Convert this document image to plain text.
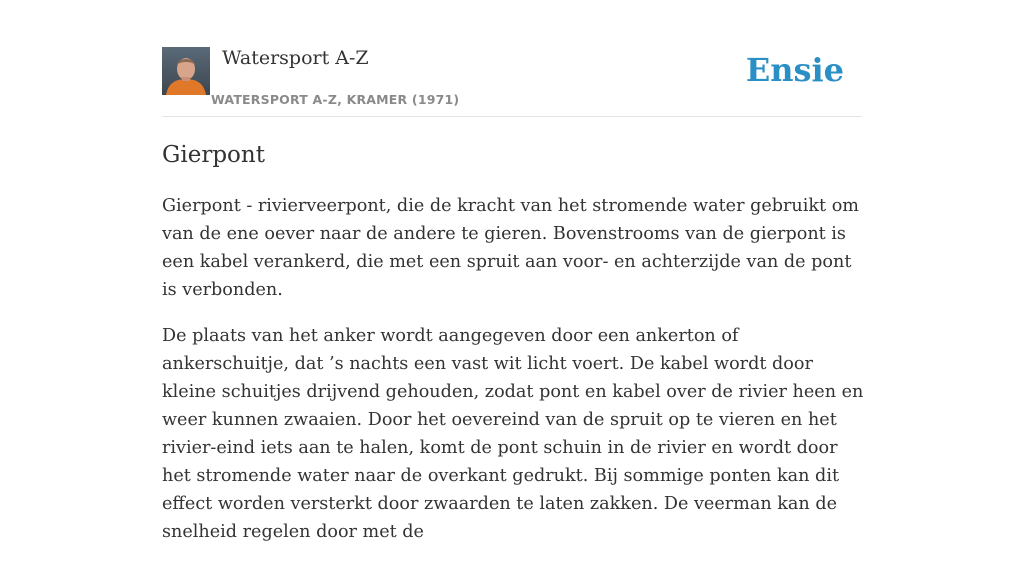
Watersport A-Z
WATERSPORT A-Z, KRAMER (1971)
Ensie
Gierpont

Gierpont - rivierveerpont, die de kracht van het stromende water gebruikt om van de ene oever naar de andere te gieren. Bovenstrooms van de gierpont is een kabel verankerd, die met een spruit aan voor- en achterzijde van de pont is verbonden.

De plaats van het anker wordt aangegeven door een ankerton of ankerschuitje, dat ’s nachts een vast wit licht voert. De kabel wordt door kleine schuitjes drijvend gehouden, zodat pont en kabel over de rivier heen en weer kunnen zwaaien. Door het oevereind van de spruit op te vieren en het rivier-eind iets aan te halen, komt de pont schuin in de rivier en wordt door het stromende water naar de overkant gedrukt. Bij sommige ponten kan dit effect worden versterkt door zwaarden te laten zakken. De veerman kan de snelheid regelen door met de
